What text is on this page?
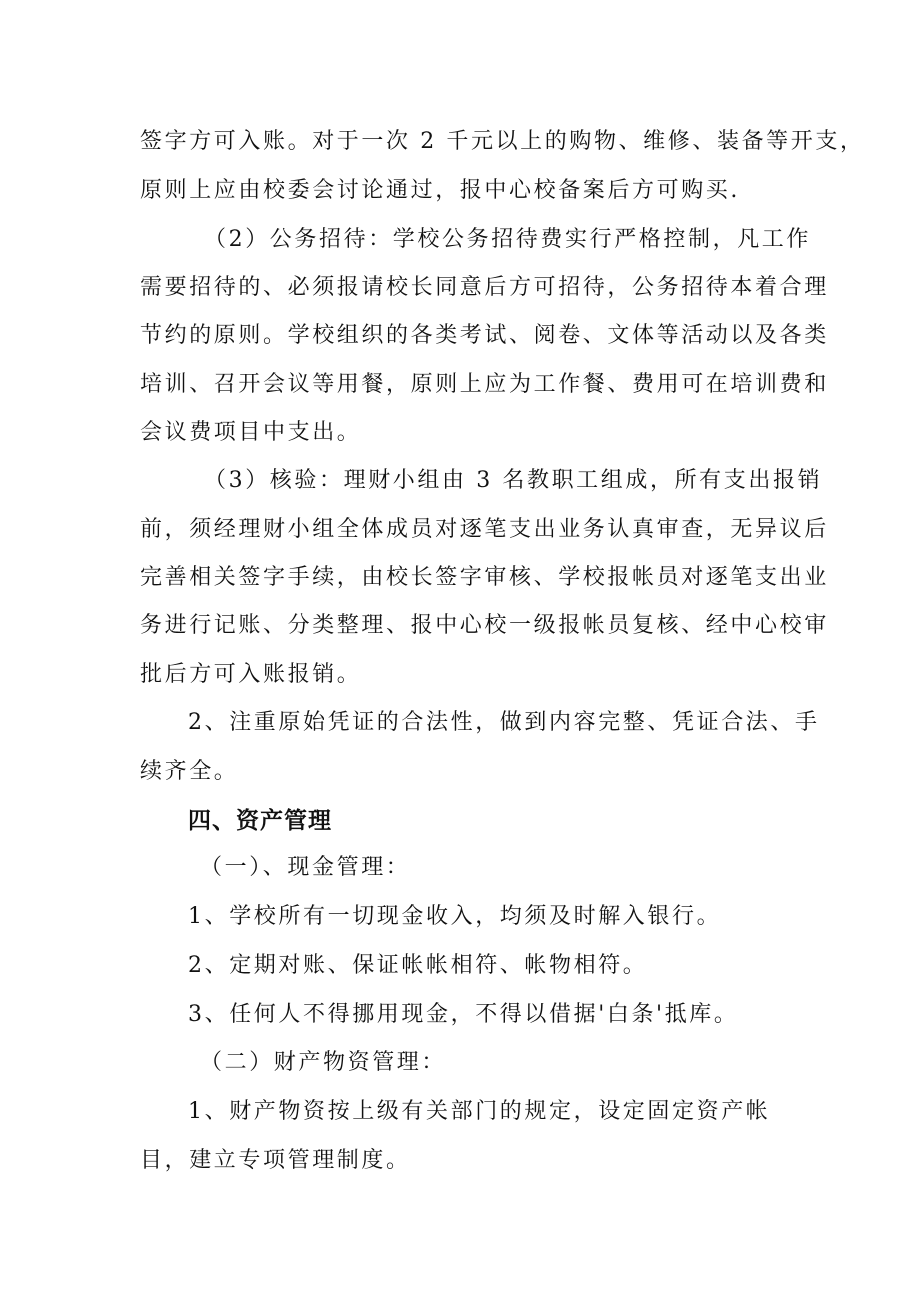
签字方可入账。对于一次 2 千元以上的购物、维修、装备等开支，
原则上应由校委会讨论通过，报中心校备案后方可购买.
（2）公务招待：学校公务招待费实行严格控制，凡工作
需要招待的、必须报请校长同意后方可招待，公务招待本着合理
节约的原则。学校组织的各类考试、阅卷、文体等活动以及各类
培训、召开会议等用餐，原则上应为工作餐、费用可在培训费和
会议费项目中支出。
（3）核验：理财小组由 3 名教职工组成，所有支出报销
前，须经理财小组全体成员对逐笔支出业务认真审查，无异议后
完善相关签字手续，由校长签字审核、学校报帐员对逐笔支出业
务进行记账、分类整理、报中心校一级报帐员复核、经中心校审
批后方可入账报销。
2、注重原始凭证的合法性，做到内容完整、凭证合法、手
续齐全。
四、资产管理
（一）、现金管理：
1、学校所有一切现金收入，均须及时解入银行。
2、定期对账、保证帐帐相符、帐物相符。
3、任何人不得挪用现金，不得以借据'白条'抵库。
（二）财产物资管理：
1、财产物资按上级有关部门的规定，设定固定资产帐
目，建立专项管理制度。
